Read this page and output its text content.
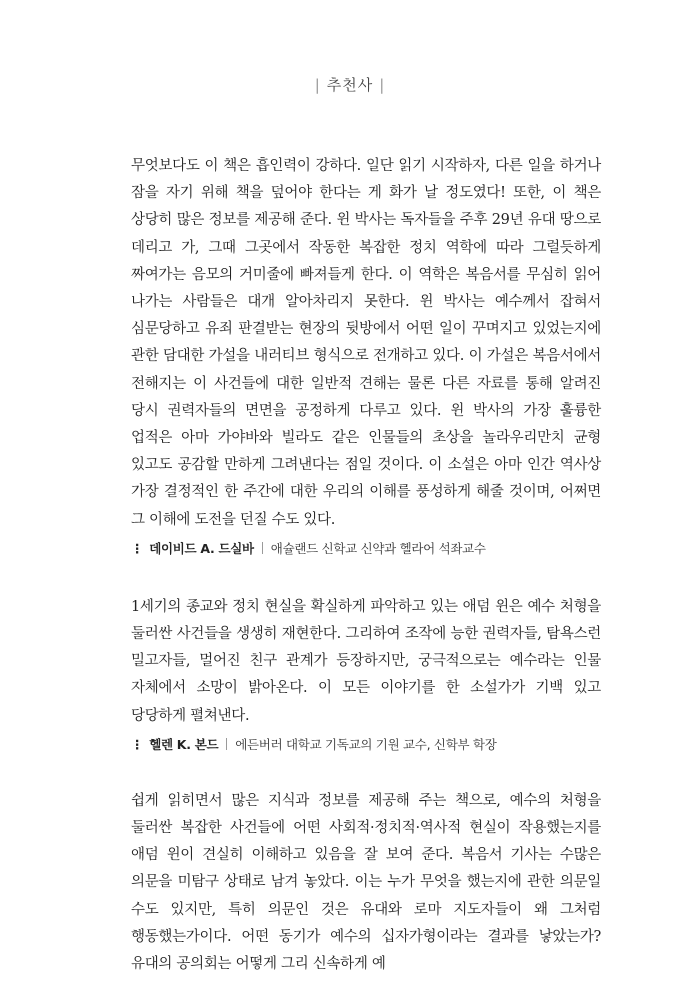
| 추천사 |

무엇보다도 이 책은 흡인력이 강하다. 일단 읽기 시작하자, 다른 일을 하거나 잠을 자기 위해 책을 덮어야 한다는 게 화가 날 정도였다! 또한, 이 책은 상당히 많은 정보를 제공해 준다. 윈 박사는 독자들을 주후 29년 유대 땅으로 데리고 가, 그때 그곳에서 작동한 복잡한 정치 역학에 따라 그럴듯하게 짜여가는 음모의 거미줄에 빠져들게 한다. 이 역학은 복음서를 무심히 읽어 나가는 사람들은 대개 알아차리지 못한다. 윈 박사는 예수께서 잡혀서 심문당하고 유죄 판결받는 현장의 뒷방에서 어떤 일이 꾸며지고 있었는지에 관한 담대한 가설을 내러티브 형식으로 전개하고 있다. 이 가설은 복음서에서 전해지는 이 사건들에 대한 일반적 견해는 물론 다른 자료를 통해 알려진 당시 권력자들의 면면을 공정하게 다루고 있다. 윈 박사의 가장 훌륭한 업적은 아마 가야바와 빌라도 같은 인물들의 초상을 놀라우리만치 균형 있고도 공감할 만하게 그려낸다는 점일 것이다. 이 소설은 아마 인간 역사상 가장 결정적인 한 주간에 대한 우리의 이해를 풍성하게 해줄 것이며, 어쩌면 그 이해에 도전을 던질 수도 있다.

⋮ 데이비드 A. 드실바 애슐랜드 신학교 신약과 헬라어 석좌교수

1세기의 종교와 정치 현실을 확실하게 파악하고 있는 애덤 윈은 예수 처형을 둘러싼 사건들을 생생히 재현한다. 그리하여 조작에 능한 권력자들, 탐욕스런 밀고자들, 멀어진 친구 관계가 등장하지만, 궁극적으로는 예수라는 인물 자체에서 소망이 밝아온다. 이 모든 이야기를 한 소설가가 기백 있고 당당하게 펼쳐낸다.

⋮ 헬렌 K. 본드 에든버러 대학교 기독교의 기원 교수, 신학부 학장

쉽게 읽히면서 많은 지식과 정보를 제공해 주는 책으로, 예수의 처형을 둘러싼 복잡한 사건들에 어떤 사회적·정치적·역사적 현실이 작용했는지를 애덤 윈이 견실히 이해하고 있음을 잘 보여 준다. 복음서 기사는 수많은 의문을 미탐구 상태로 남겨 놓았다. 이는 누가 무엇을 했는지에 관한 의문일 수도 있지만, 특히 의문인 것은 유대와 로마 지도자들이 왜 그처럼 행동했는가이다. 어떤 동기가 예수의 십자가형이라는 결과를 낳았는가? 유대의 공의회는 어떻게 그리 신속하게 예
